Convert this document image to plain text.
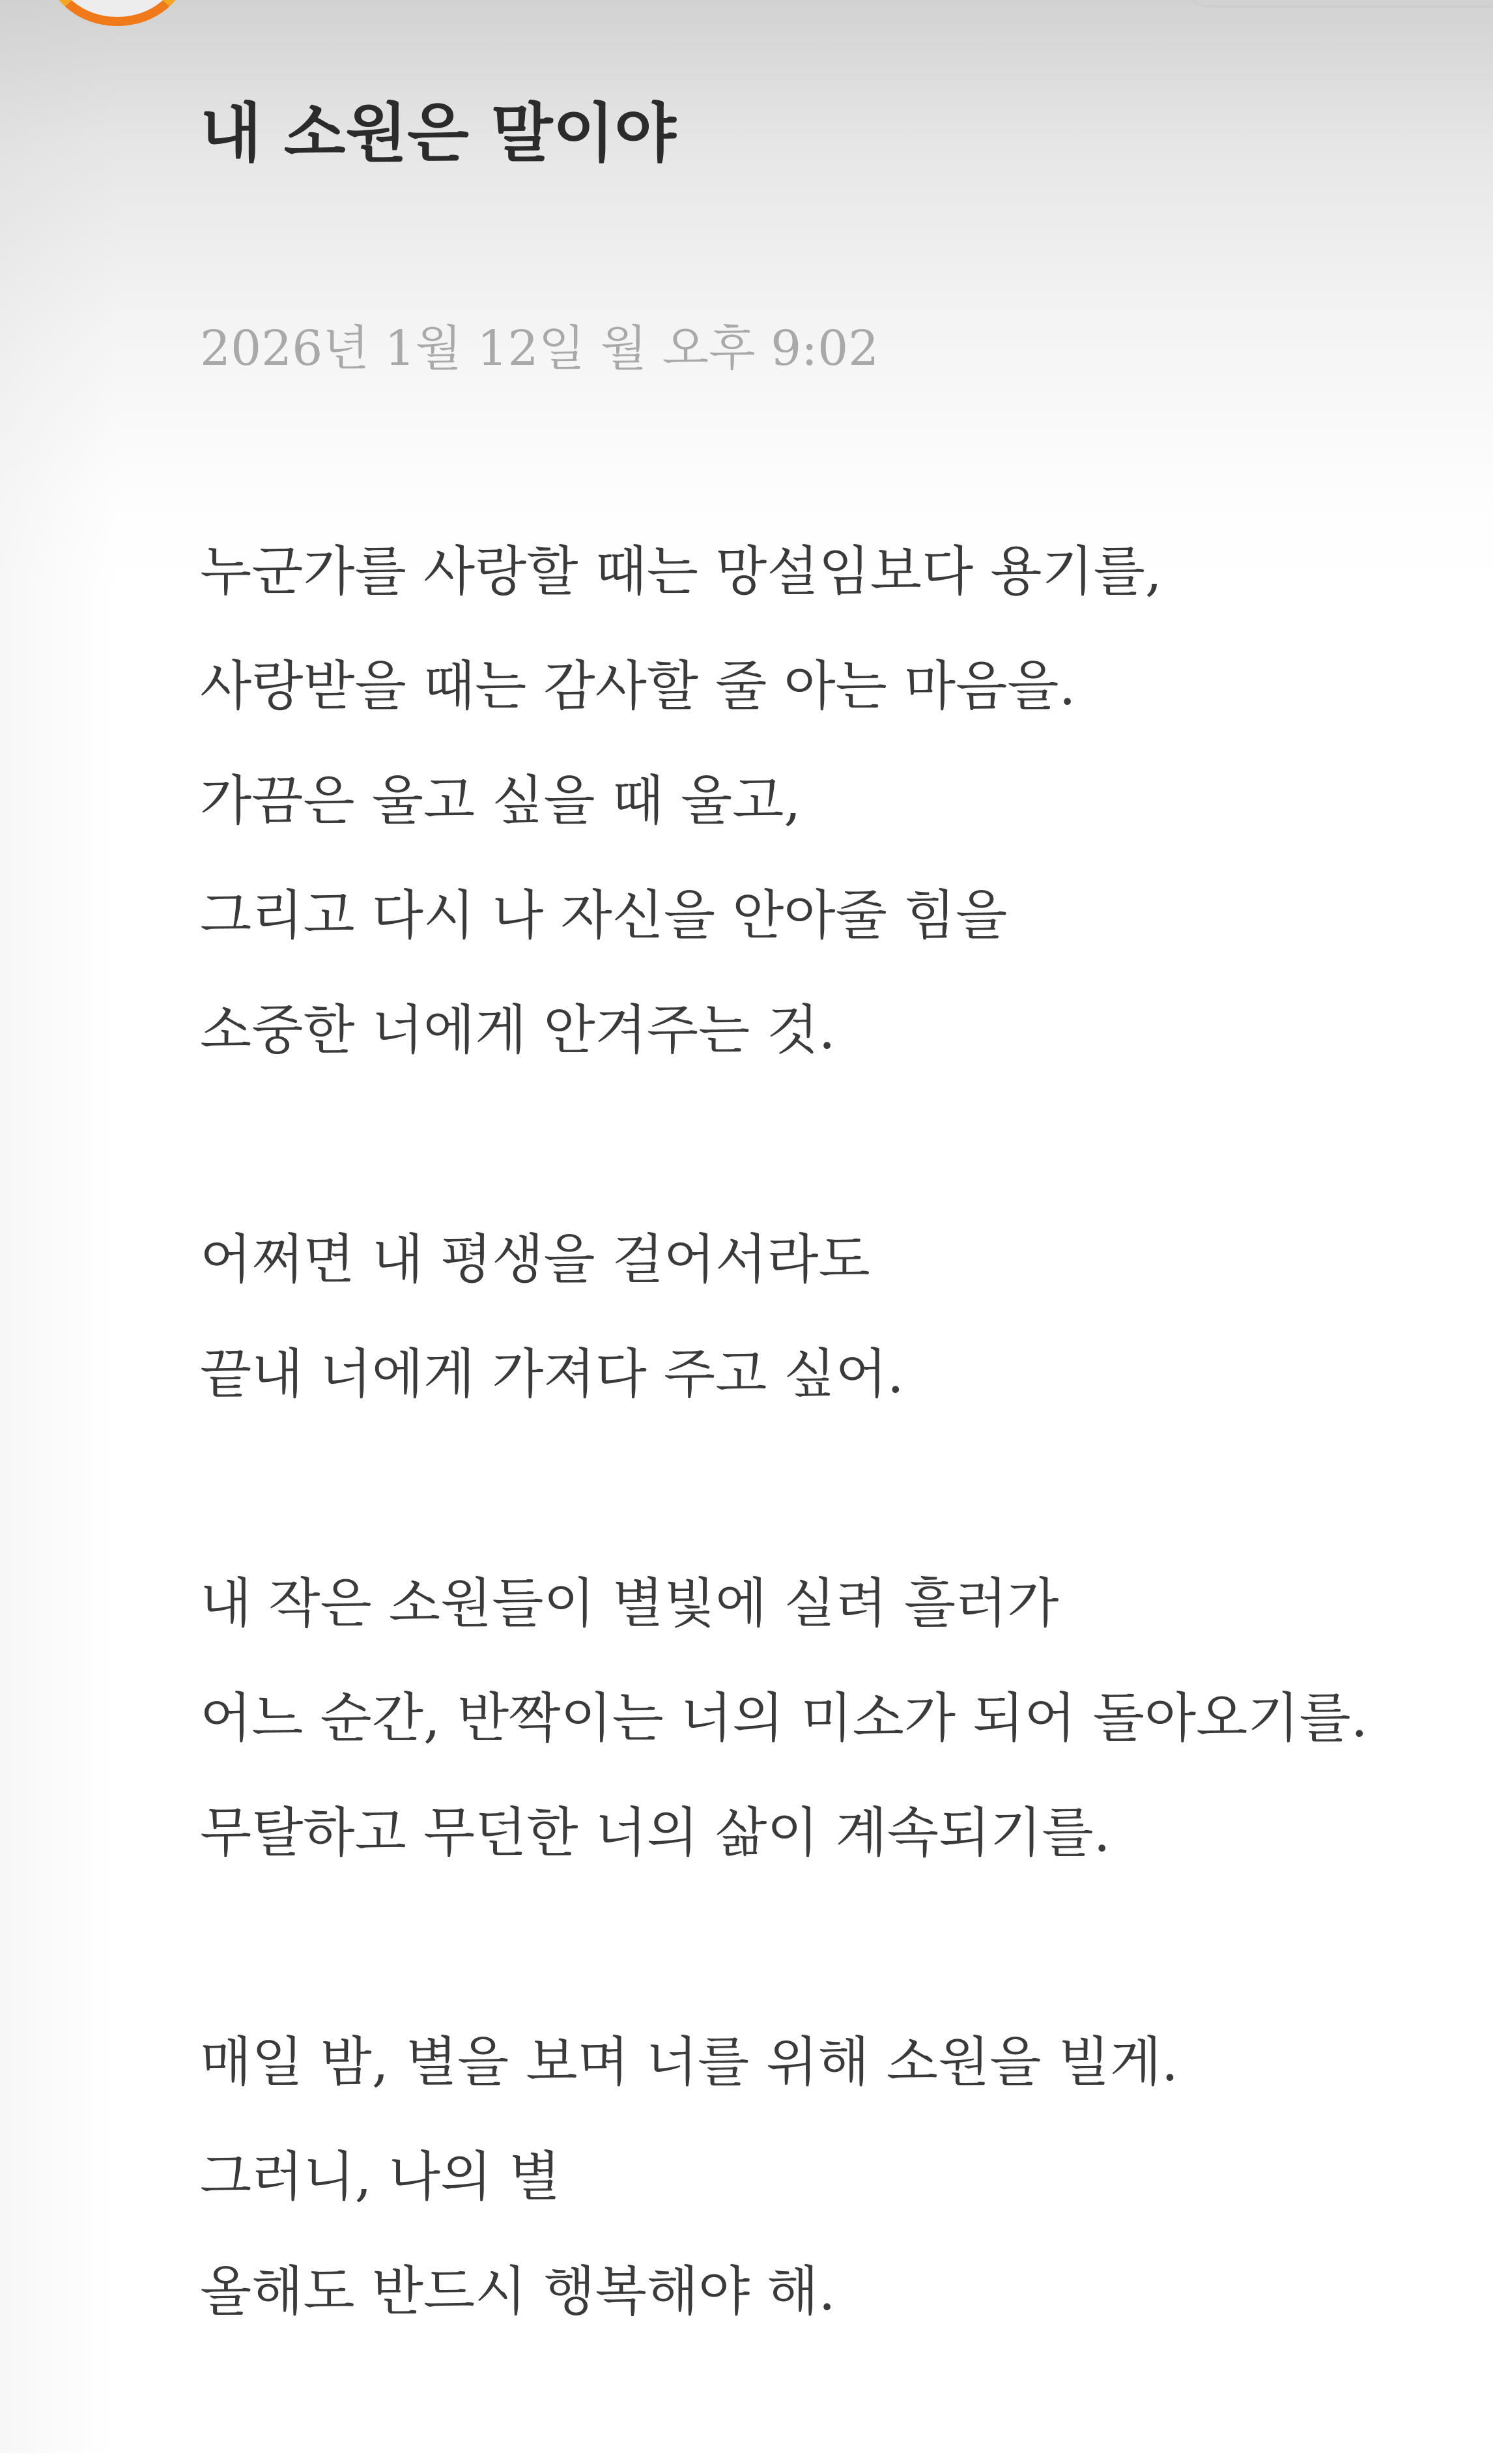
내 소원은 말이야
2026년 1월 12일 월 오후 9:02
누군가를 사랑할 때는 망설임보다 용기를,
사랑받을 때는 감사할 줄 아는 마음을.
가끔은 울고 싶을 때 울고,
그리고 다시 나 자신을 안아줄 힘을
소중한 너에게 안겨주는 것.
어쩌면 내 평생을 걸어서라도
끝내 너에게 가져다 주고 싶어.
내 작은 소원들이 별빛에 실려 흘러가
어느 순간, 반짝이는 너의 미소가 되어 돌아오기를.
무탈하고 무던한 너의 삶이 계속되기를.
매일 밤, 별을 보며 너를 위해 소원을 빌게.
그러니, 나의 별
올해도 반드시 행복해야 해.
